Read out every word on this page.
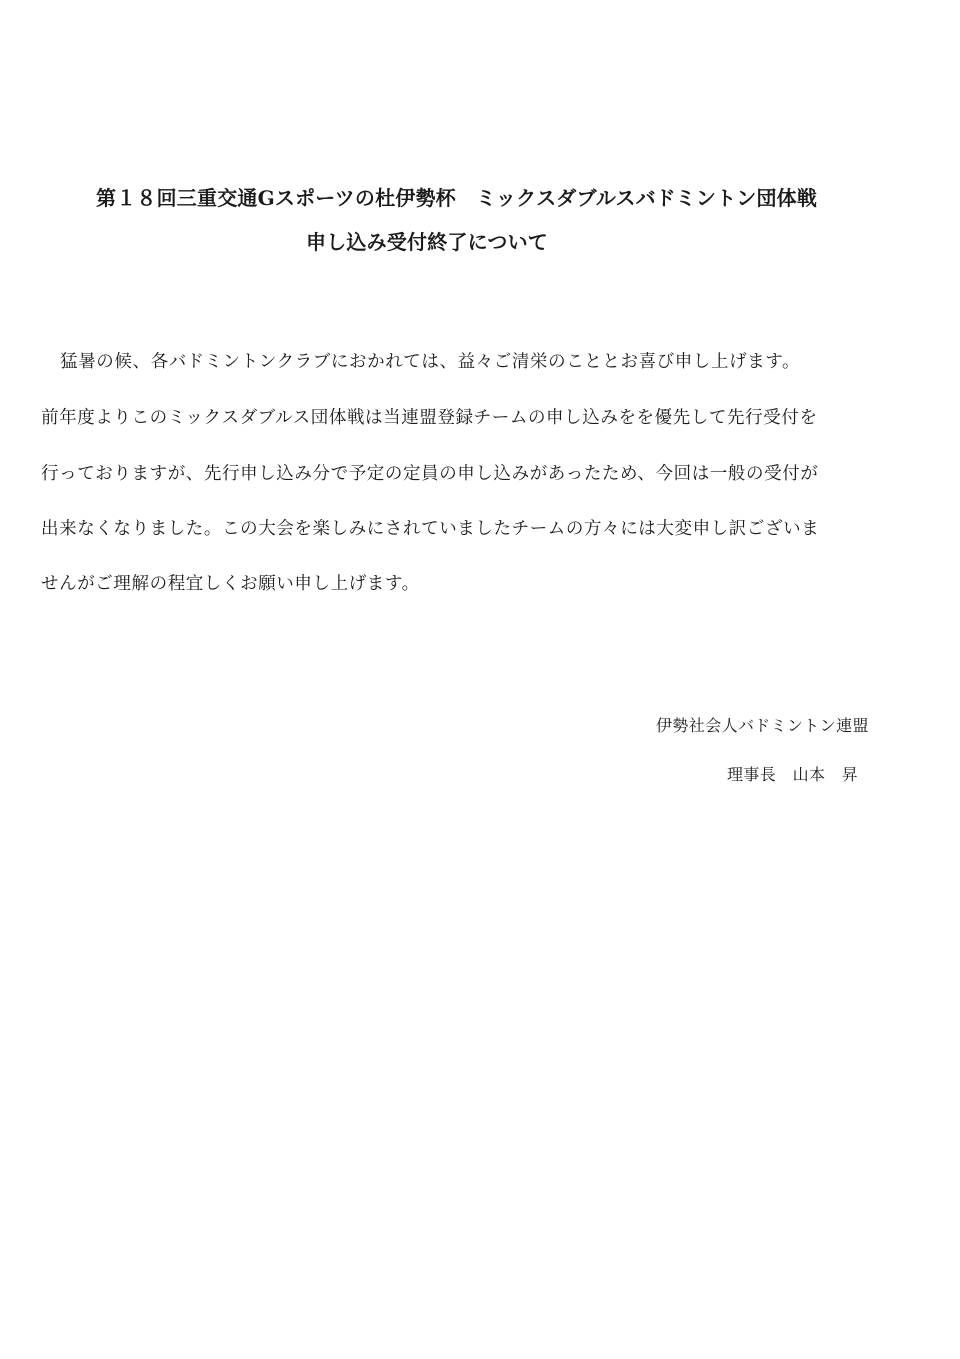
第１８回三重交通Gスポーツの杜伊勢杯　ミックスダブルスバドミントン団体戦
申し込み受付終了について
　猛暑の候、各バドミントンクラブにおかれては、益々ご清栄のこととお喜び申し上げます。
前年度よりこのミックスダブルス団体戦は当連盟登録チームの申し込みをを優先して先行受付を
行っておりますが、先行申し込み分で予定の定員の申し込みがあったため、今回は一般の受付が
出来なくなりました。この大会を楽しみにされていましたチームの方々には大変申し訳ございま
せんがご理解の程宜しくお願い申し上げます。
伊勢社会人バドミントン連盟
理事長　山本　昇
